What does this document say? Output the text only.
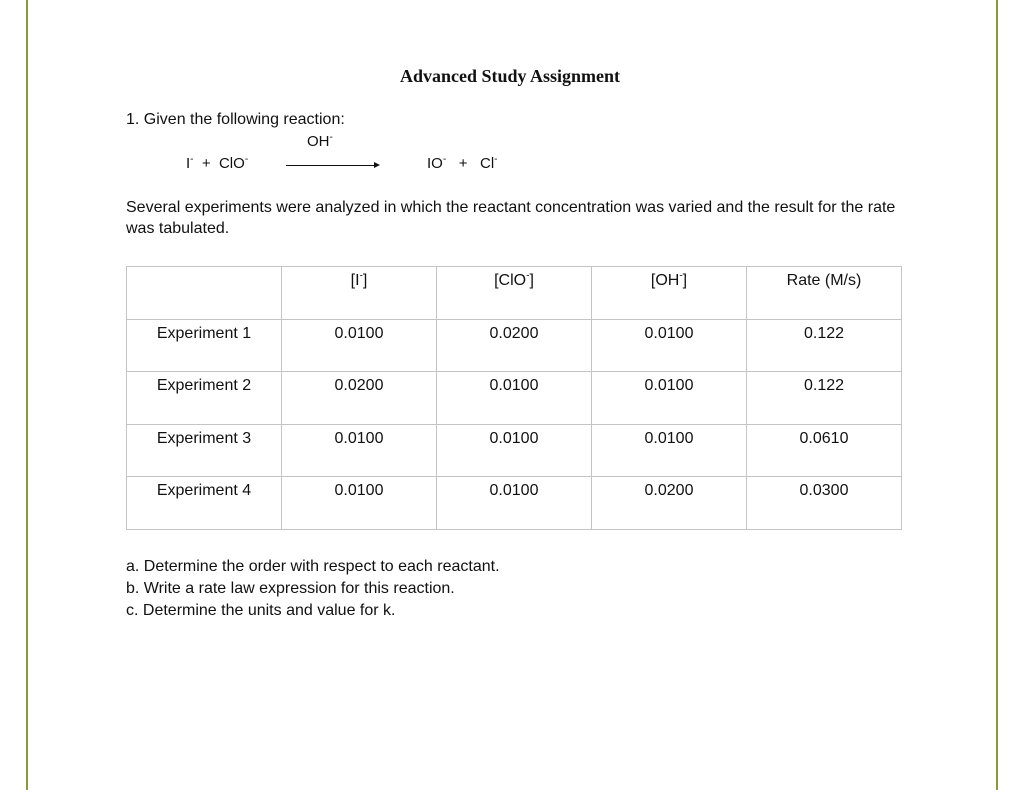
Advanced Study Assignment
1. Given the following reaction:
OH-
I- + ClO-	IO- + Cl-
Several experiments were analyzed in which the reactant concentration was varied and the result for the rate was tabulated.
	[I-]	[ClO-]	[OH-]	Rate (M/s)
Experiment 1	0.0100	0.0200	0.0100	0.122
Experiment 2	0.0200	0.0100	0.0100	0.122
Experiment 3	0.0100	0.0100	0.0100	0.0610
Experiment 4	0.0100	0.0100	0.0200	0.0300
a. Determine the order with respect to each reactant.
b. Write a rate law expression for this reaction.
c. Determine the units and value for k.
